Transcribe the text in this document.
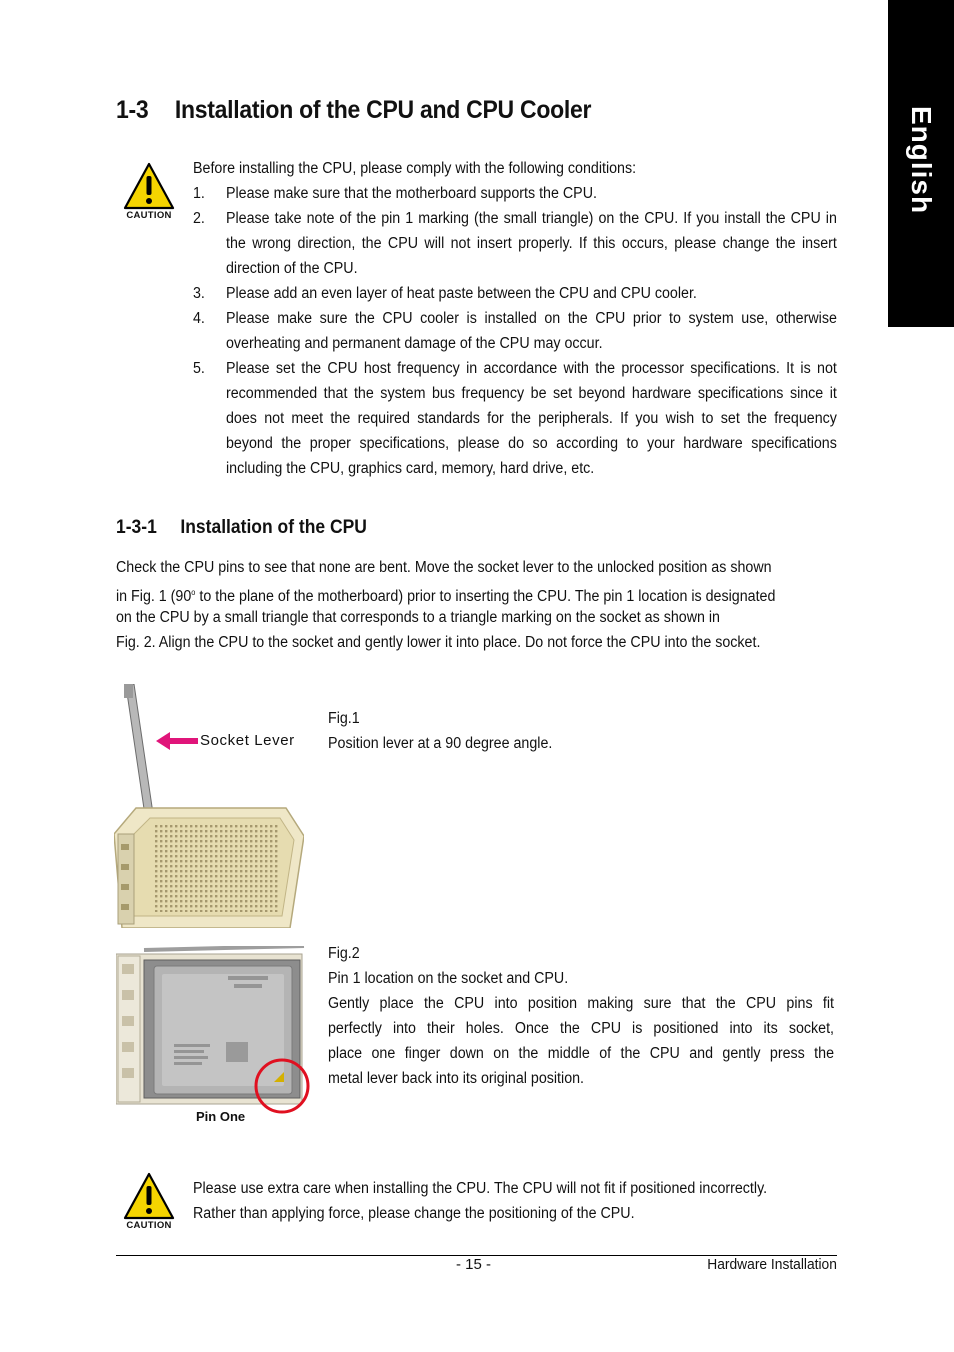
English
1-3 Installation of the CPU and CPU Cooler
CAUTION
Before installing the CPU, please comply with the following conditions:
1. Please make sure that the motherboard supports the CPU.
2. Please take note of the pin 1 marking (the small triangle) on the CPU. If you install the CPU in the wrong direction, the CPU will not insert properly. If this occurs, please change the insert direction of the CPU.
3. Please add an even layer of heat paste between the CPU and CPU cooler.
4. Please make sure the CPU cooler is installed on the CPU prior to system use, otherwise overheating and permanent damage of the CPU may occur.
5. Please set the CPU host frequency in accordance with the processor specifications. It is not recommended that the system bus frequency be set beyond hardware specifications since it does not meet the required standards for the peripherals. If you wish to set the frequency beyond the proper specifications, please do so according to your hardware specifications including the CPU, graphics card, memory, hard drive, etc.
1-3-1 Installation of the CPU
Check the CPU pins to see that none are bent. Move the socket lever to the unlocked position as shown
in Fig. 1 (90$^o$ to the plane of the motherboard) prior to inserting the CPU. The pin 1 location is designated
on the CPU by a small triangle that corresponds to a triangle marking on the socket as shown in
Fig. 2. Align the CPU to the socket and gently lower it into place. Do not force the CPU into the socket.
Socket Lever
Fig.1
Position lever at a 90 degree angle.
Pin One
Fig.2
Pin 1 location on the socket and CPU.
Gently place the CPU into position making sure that the CPU pins fit
perfectly into their holes. Once the CPU is positioned into its socket,
place one finger down on the middle of the CPU and gently press the
metal lever back into its original position.
CAUTION
Please use extra care when installing the CPU. The CPU will not fit if positioned incorrectly.
Rather than applying force, please change the positioning of the CPU.
- 15 -	Hardware Installation
